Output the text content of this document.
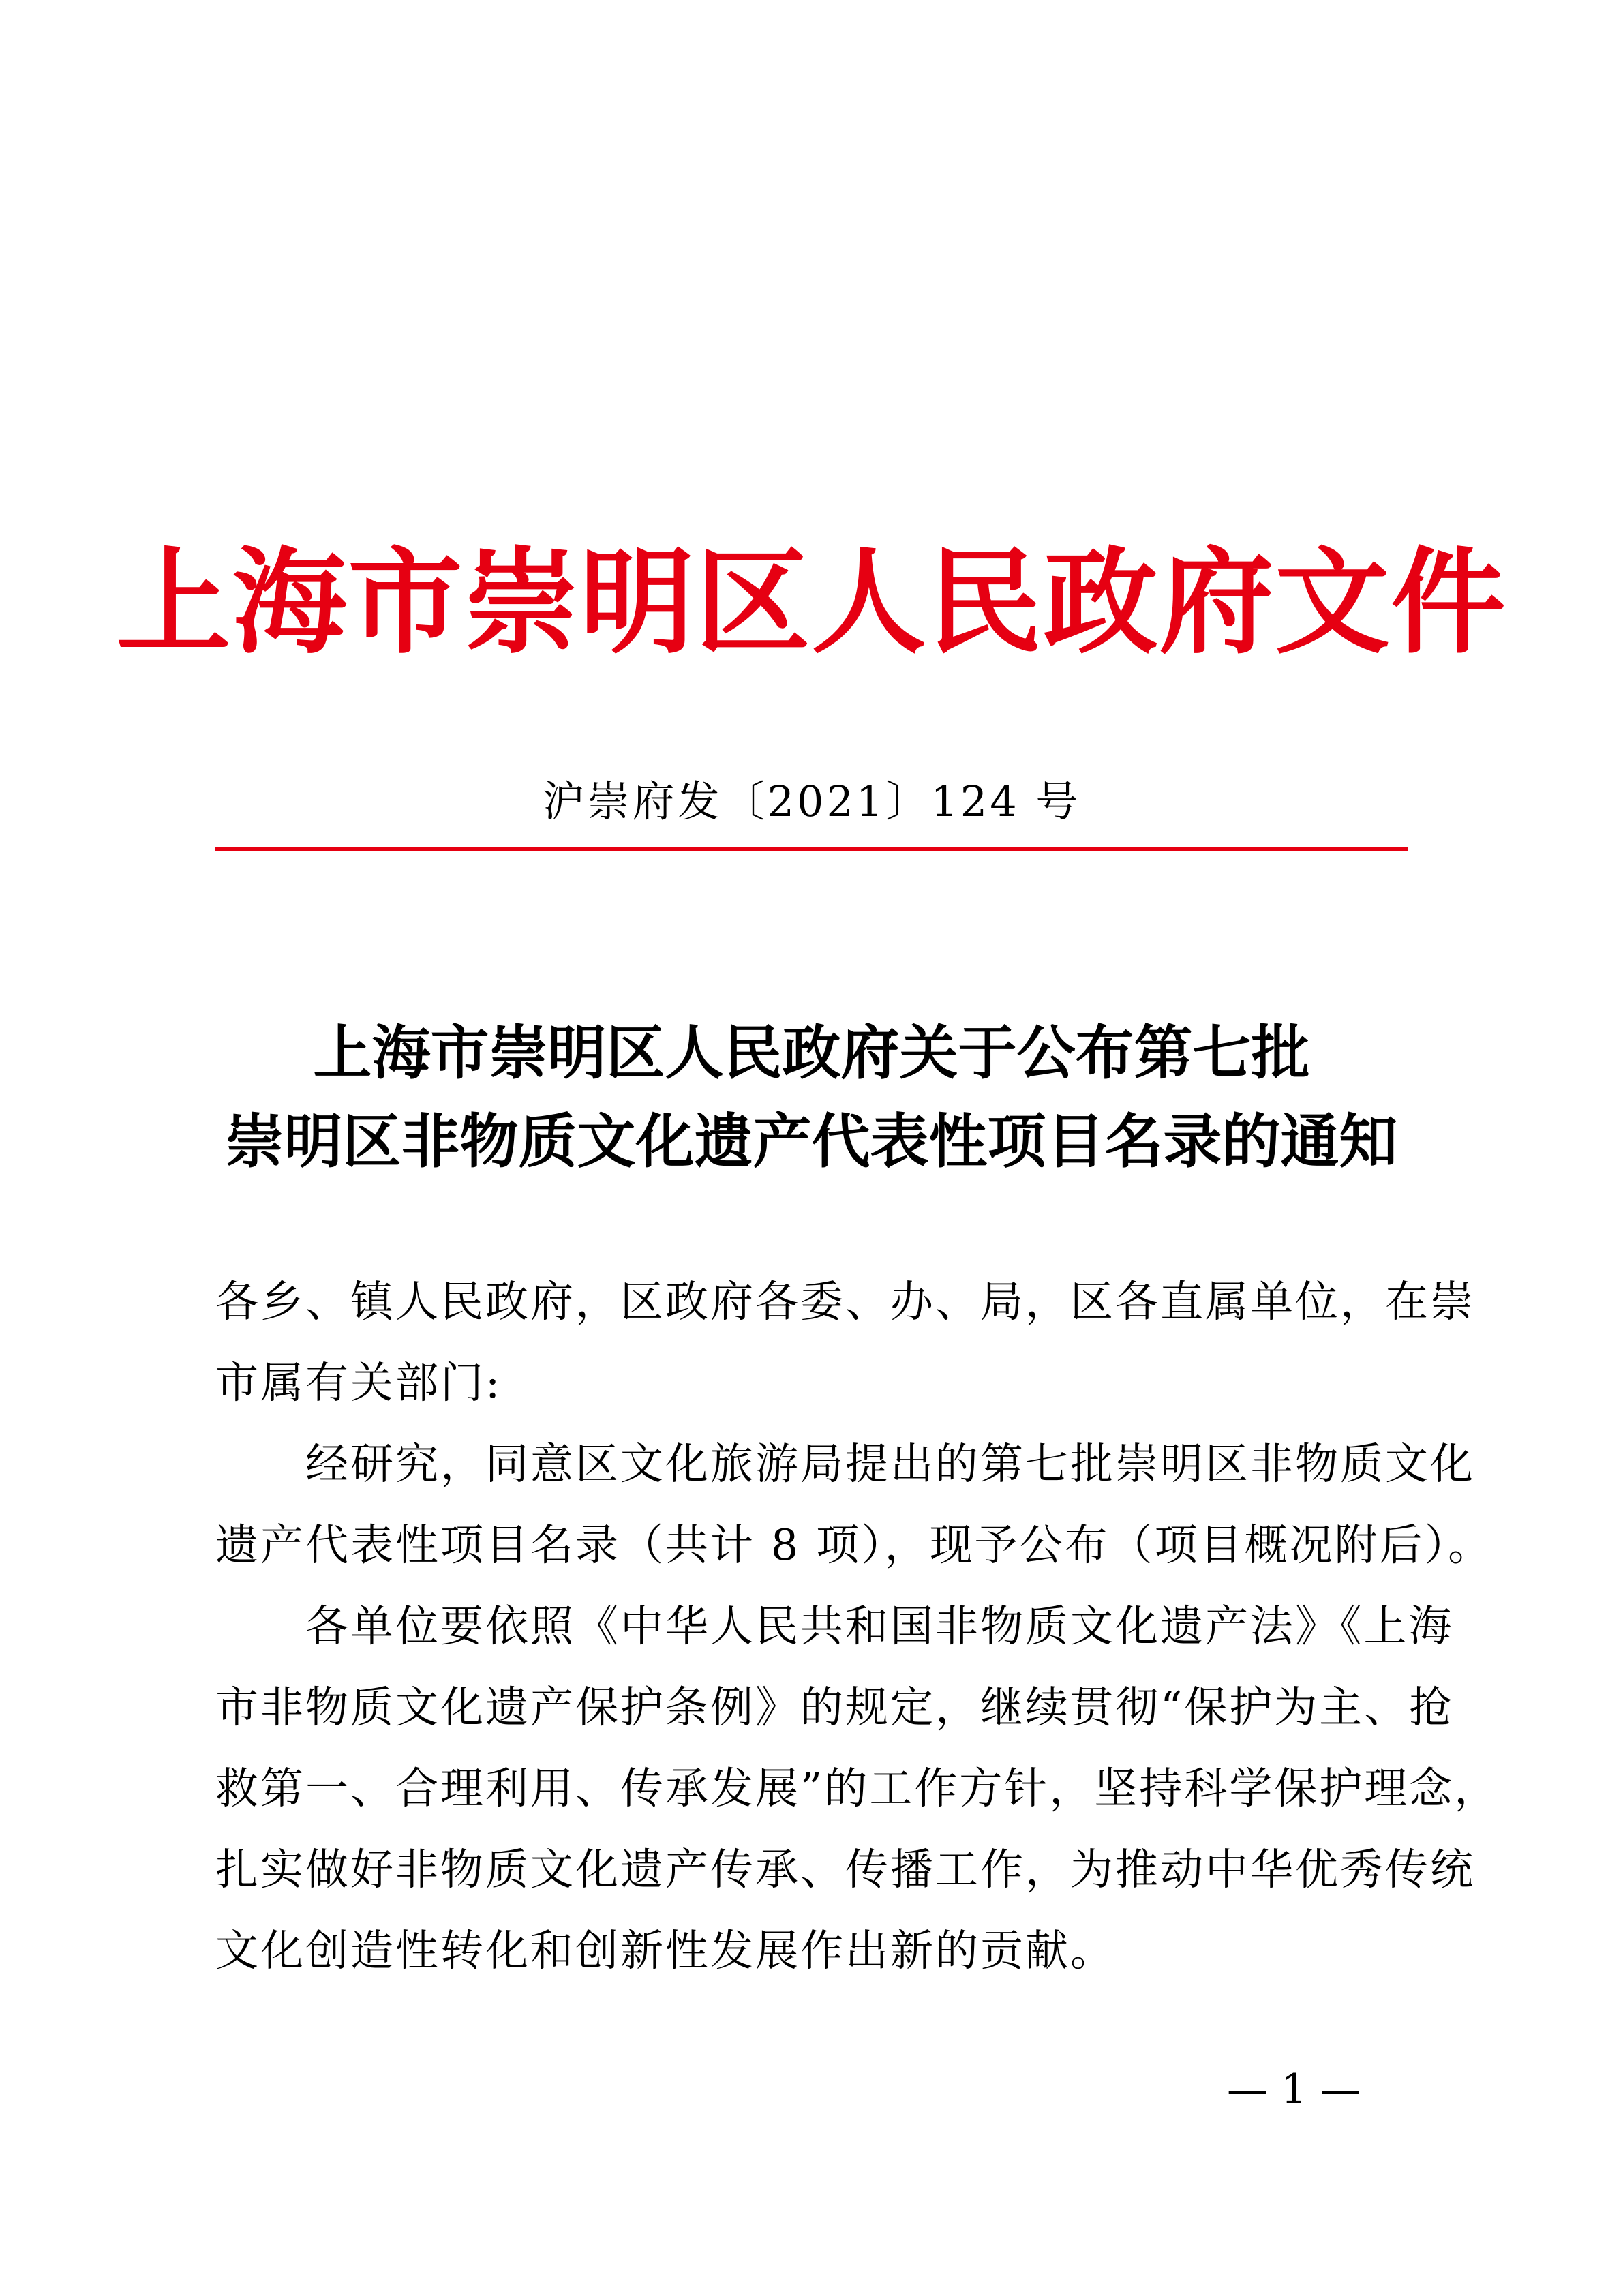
上海市崇明区人民政府文件
沪崇府发〔2021〕124 号
上海市崇明区人民政府关于公布第七批
崇明区非物质文化遗产代表性项目名录的通知
各乡、镇人民政府，区政府各委、办、局，区各直属单位，在崇
市属有关部门:
　　经研究，同意区文化旅游局提出的第七批崇明区非物质文化
遗产代表性项目名录（共计 8 项），现予公布（项目概况附后）。
　　各单位要依照《中华人民共和国非物质文化遗产法》《上海
市非物质文化遗产保护条例》的规定，继续贯彻“保护为主、抢
救第一、合理利用、传承发展”的工作方针，坚持科学保护理念，
扎实做好非物质文化遗产传承、传播工作，为推动中华优秀传统
文化创造性转化和创新性发展作出新的贡献。
— 1 —
